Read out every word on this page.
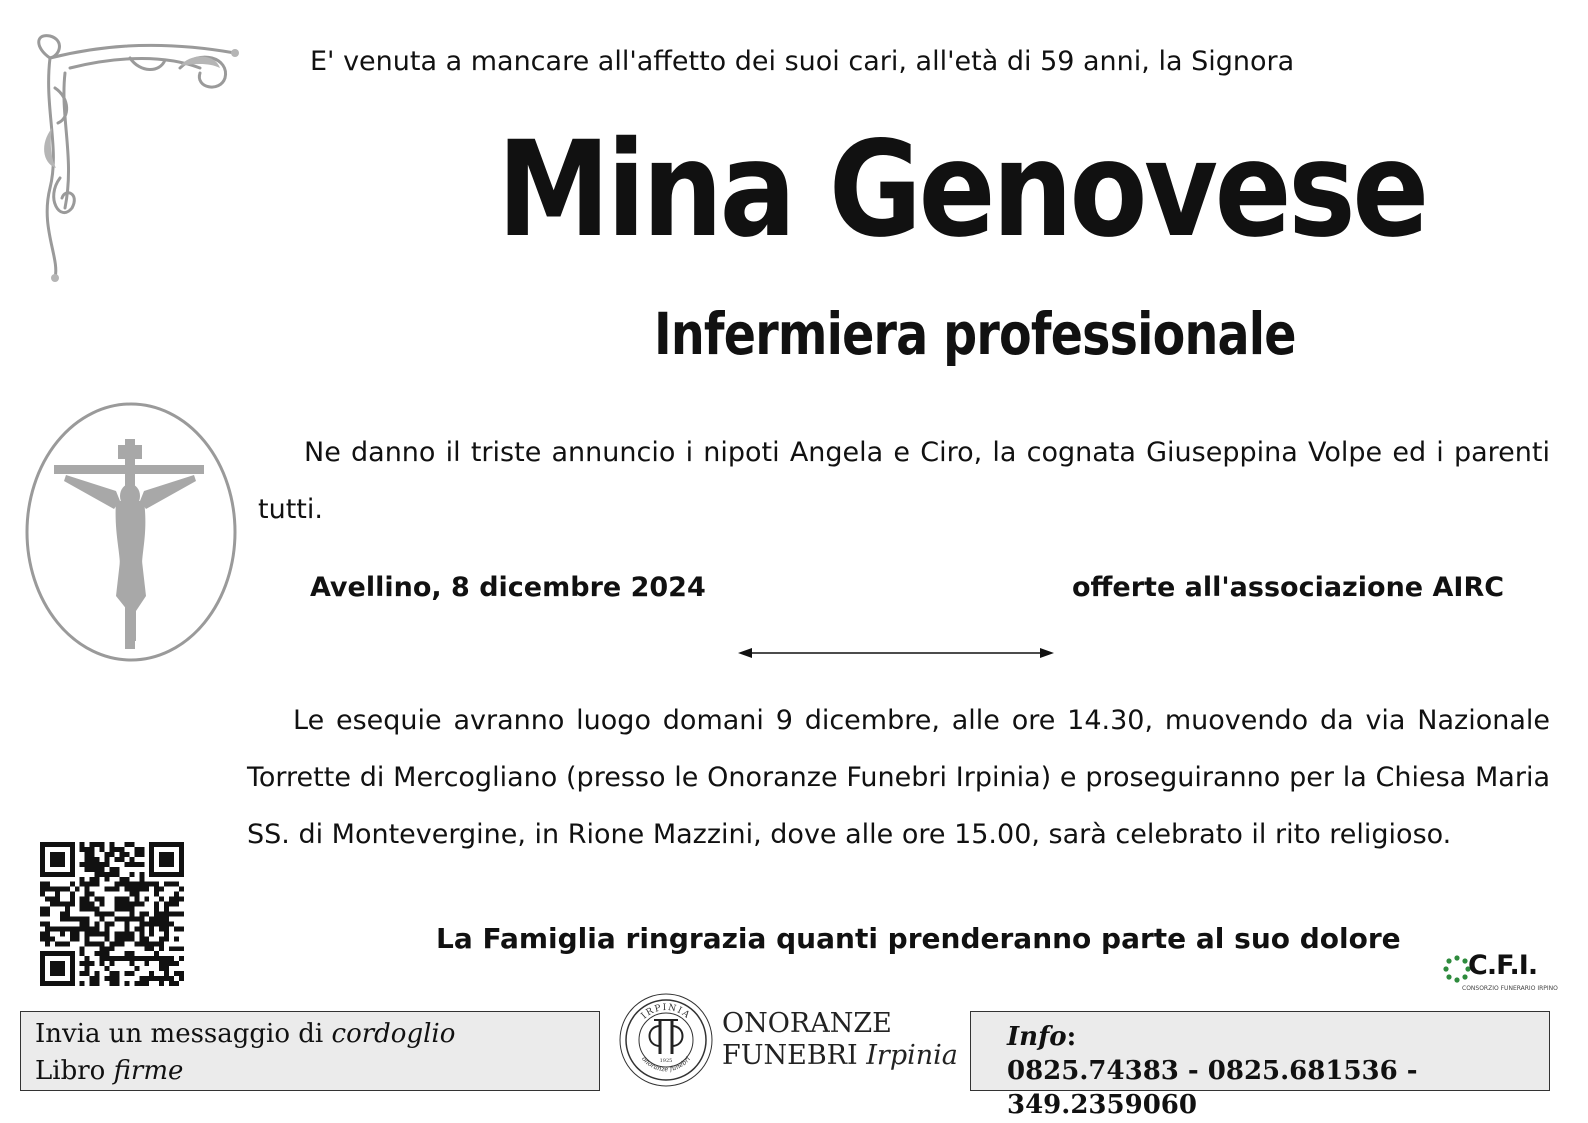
E' venuta a mancare all'affetto dei suoi cari, all'età di 59 anni, la Signora
Mina Genovese
Infermiera professionale

Ne danno il triste annuncio i nipoti Angela e Ciro, la cognata Giuseppina Volpe ed i parenti tutti.

Avellino, 8 dicembre 2024	offerte all'associazione AIRC

Le esequie avranno luogo domani 9 dicembre, alle ore 14.30, muovendo da via Nazionale Torrette di Mercogliano (presso le Onoranze Funebri Irpinia) e proseguiranno per la Chiesa Maria SS. di Montevergine, in Rione Mazzini, dove alle ore 15.00, sarà celebrato il rito religioso.

La Famiglia ringrazia quanti prenderanno parte al suo dolore
C.F.I.
CONSORZIO FUNERARIO IRPINO
Invia un messaggio di cordoglio
Libro firme
IRPINIA
onoranze funebri
1925
ONORANZE
FUNEBRI Irpinia
Info:
0825.74383 - 0825.681536 - 349.2359060
